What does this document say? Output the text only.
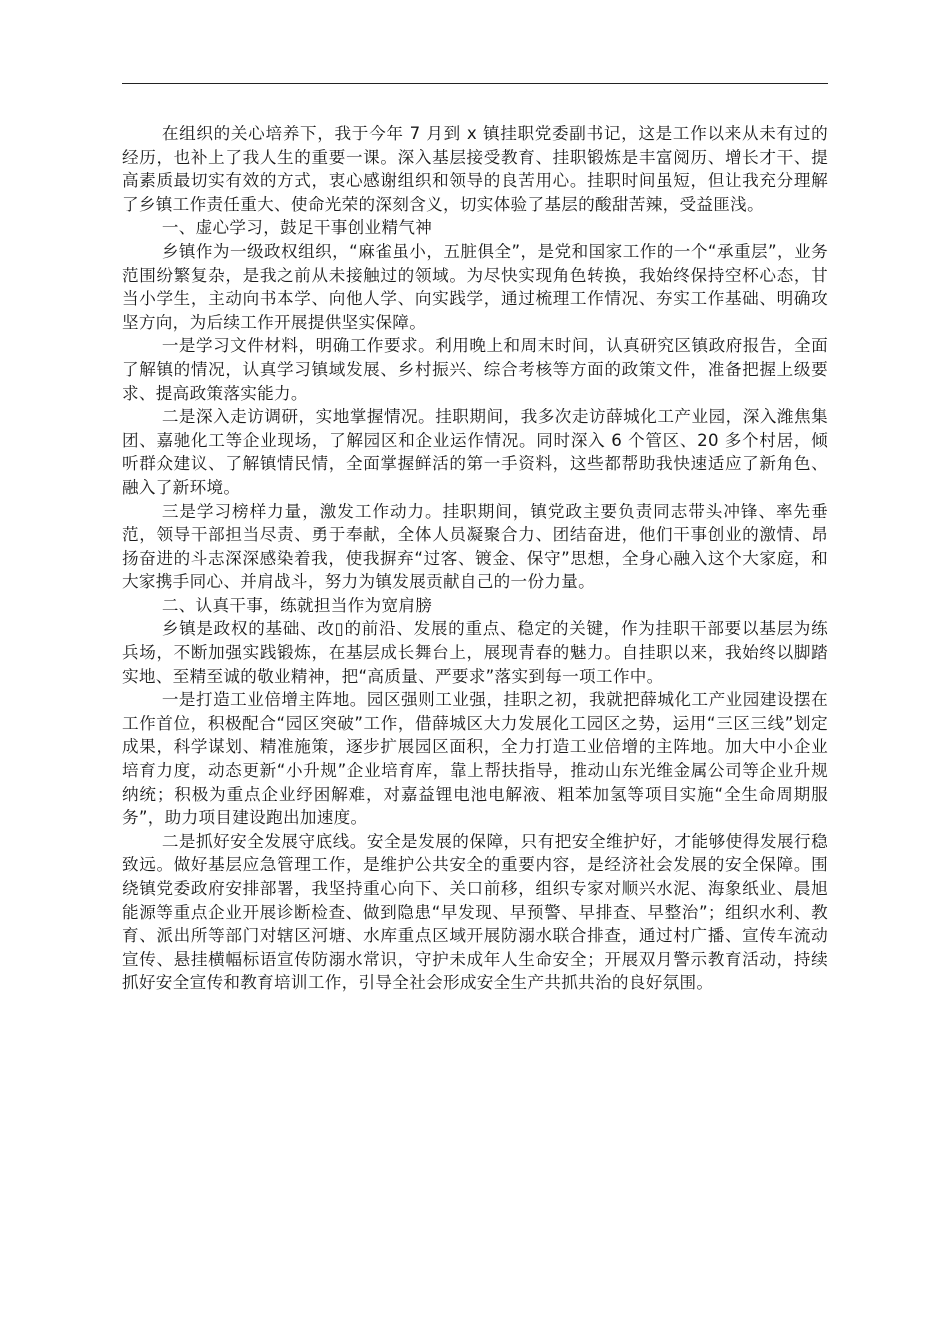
在组织的关心培养下，我于今年 7 月到 x 镇挂职党委副书记，这是工作以来从未有过的经历，也补上了我人生的重要一课。深入基层接受教育、挂职锻炼是丰富阅历、增长才干、提高素质最切实有效的方式，衷心感谢组织和领导的良苦用心。挂职时间虽短，但让我充分理解了乡镇工作责任重大、使命光荣的深刻含义，切实体验了基层的酸甜苦辣，受益匪浅。

一、虚心学习，鼓足干事创业精气神

乡镇作为一级政权组织，“麻雀虽小，五脏俱全”，是党和国家工作的一个“承重层”，业务范围纷繁复杂，是我之前从未接触过的领域。为尽快实现角色转换，我始终保持空杯心态，甘当小学生，主动向书本学、向他人学、向实践学，通过梳理工作情况、夯实工作基础、明确攻坚方向，为后续工作开展提供坚实保障。

一是学习文件材料，明确工作要求。利用晚上和周末时间，认真研究区镇政府报告，全面了解镇的情况，认真学习镇域发展、乡村振兴、综合考核等方面的政策文件，准备把握上级要求、提高政策落实能力。

二是深入走访调研，实地掌握情况。挂职期间，我多次走访薛城化工产业园，深入潍焦集团、嘉驰化工等企业现场，了解园区和企业运作情况。同时深入 6 个管区、20 多个村居，倾听群众建议、了解镇情民情，全面掌握鲜活的第一手资料，这些都帮助我快速适应了新角色、融入了新环境。

三是学习榜样力量，激发工作动力。挂职期间，镇党政主要负责同志带头冲锋、率先垂范，领导干部担当尽责、勇于奉献，全体人员凝聚合力、团结奋进，他们干事创业的激情、昂扬奋进的斗志深深感染着我，使我摒弃“过客、镀金、保守”思想，全身心融入这个大家庭，和大家携手同心、并肩战斗，努力为镇发展贡献自己的一份力量。

二、认真干事，练就担当作为宽肩膀

乡镇是政权的基础、改▯的前沿、发展的重点、稳定的关键，作为挂职干部要以基层为练兵场，不断加强实践锻炼，在基层成长舞台上，展现青春的魅力。自挂职以来，我始终以脚踏实地、至精至诚的敬业精神，把“高质量、严要求”落实到每一项工作中。

一是打造工业倍增主阵地。园区强则工业强，挂职之初，我就把薛城化工产业园建设摆在工作首位，积极配合“园区突破”工作，借薛城区大力发展化工园区之势，运用“三区三线”划定成果，科学谋划、精准施策，逐步扩展园区面积，全力打造工业倍增的主阵地。加大中小企业培育力度，动态更新“小升规”企业培育库，靠上帮扶指导，推动山东光维金属公司等企业升规纳统；积极为重点企业纾困解难，对嘉益锂电池电解液、粗苯加氢等项目实施“全生命周期服务”，助力项目建设跑出加速度。

二是抓好安全发展守底线。安全是发展的保障，只有把安全维护好，才能够使得发展行稳致远。做好基层应急管理工作，是维护公共安全的重要内容，是经济社会发展的安全保障。围绕镇党委政府安排部署，我坚持重心向下、关口前移，组织专家对顺兴水泥、海象纸业、晨旭能源等重点企业开展诊断检查、做到隐患“早发现、早预警、早排查、早整治”；组织水利、教育、派出所等部门对辖区河塘、水库重点区域开展防溺水联合排查，通过村广播、宣传车流动宣传、悬挂横幅标语宣传防溺水常识，守护未成年人生命安全；开展双月警示教育活动，持续抓好安全宣传和教育培训工作，引导全社会形成安全生产共抓共治的良好氛围。
